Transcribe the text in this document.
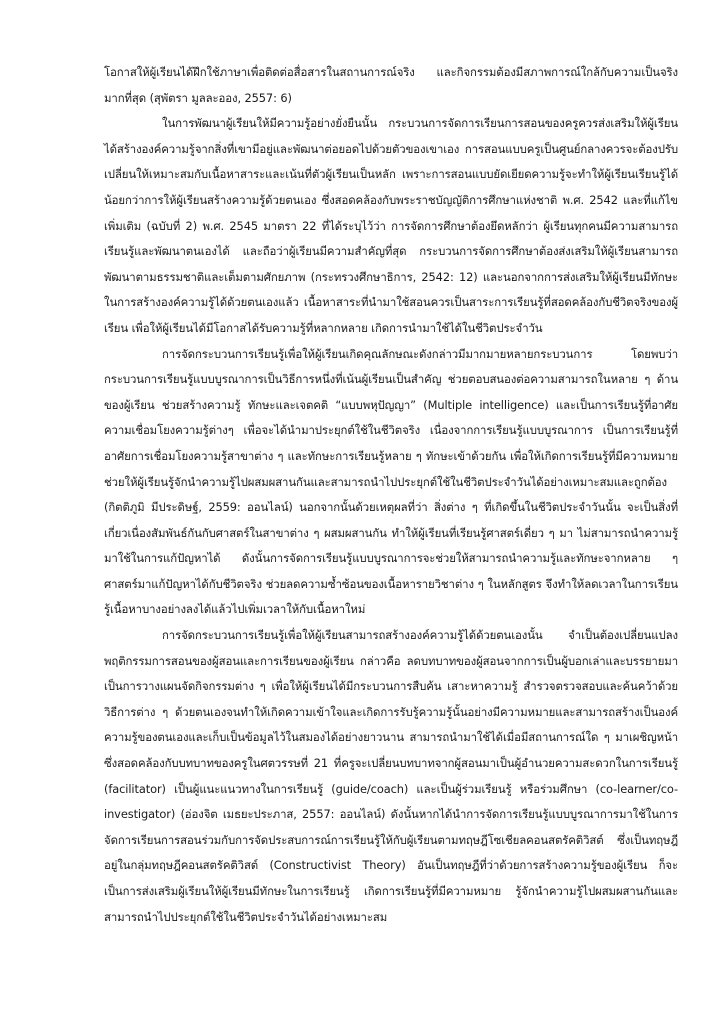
โอกาสให้ผู้เรียนได้ฝึกใช้ภาษาเพื่อติดต่อสื่อสารในสถานการณ์จริง และกิจกรรมต้องมีสภาพการณ์ใกล้กับความเป็นจริงมากที่สุด (สุพัตรา มูลละออง, 2557: 6)

ในการพัฒนาผู้เรียนให้มีความรู้อย่างยั่งยืนนั้น กระบวนการจัดการเรียนการสอนของครูควรส่งเสริมให้ผู้เรียนได้สร้างองค์ความรู้จากสิ่งที่เขามีอยู่และพัฒนาต่อยอดไปด้วยตัวของเขาเอง การสอนแบบครูเป็นศูนย์กลางควรจะต้องปรับเปลี่ยนให้เหมาะสมกับเนื้อหาสาระและเน้นที่ตัวผู้เรียนเป็นหลัก เพราะการสอนแบบยัดเยียดความรู้จะทำให้ผู้เรียนเรียนรู้ได้น้อยกว่าการให้ผู้เรียนสร้างความรู้ด้วยตนเอง ซึ่งสอดคล้องกับพระราชบัญญัติการศึกษาแห่งชาติ พ.ศ. 2542 และที่แก้ไขเพิ่มเติม (ฉบับที่ 2) พ.ศ. 2545 มาตรา 22 ที่ได้ระบุไว้ว่า การจัดการศึกษาต้องยึดหลักว่า ผู้เรียนทุกคนมีความสามารถเรียนรู้และพัฒนาตนเองได้ และถือว่าผู้เรียนมีความสำคัญที่สุด กระบวนการจัดการศึกษาต้องส่งเสริมให้ผู้เรียนสามารถพัฒนาตามธรรมชาติและเต็มตามศักยภาพ (กระทรวงศึกษาธิการ, 2542: 12) และนอกจากการส่งเสริมให้ผู้เรียนมีทักษะในการสร้างองค์ความรู้ได้ด้วยตนเองแล้ว เนื้อหาสาระที่นำมาใช้สอนควรเป็นสาระการเรียนรู้ที่สอดคล้องกับชีวิตจริงของผู้เรียน เพื่อให้ผู้เรียนได้มีโอกาสได้รับความรู้ที่หลากหลาย เกิดการนำมาใช้ได้ในชีวิตประจำวัน

การจัดกระบวนการเรียนรู้เพื่อให้ผู้เรียนเกิดคุณลักษณะดังกล่าวมีมากมายหลายกระบวนการ โดยพบว่ากระบวนการเรียนรู้แบบบูรณาการเป็นวิธีการหนึ่งที่เน้นผู้เรียนเป็นสำคัญ ช่วยตอบสนองต่อความสามารถในหลาย ๆ ด้านของผู้เรียน ช่วยสร้างความรู้ ทักษะและเจตคติ “แบบพหุปัญญา” (Multiple intelligence) และเป็นการเรียนรู้ที่อาศัยความเชื่อมโยงความรู้ต่างๆ เพื่อจะได้นำมาประยุกต์ใช้ในชีวิตจริง เนื่องจากการเรียนรู้แบบบูรณาการ เป็นการเรียนรู้ที่อาศัยการเชื่อมโยงความรู้สาขาต่าง ๆ และทักษะการเรียนรู้หลาย ๆ ทักษะเข้าด้วยกัน เพื่อให้เกิดการเรียนรู้ที่มีความหมาย ช่วยให้ผู้เรียนรู้จักนำความรู้ไปผสมผสานกันและสามารถนำไปประยุกต์ใช้ในชีวิตประจำวันได้อย่างเหมาะสมและถูกต้อง (กิตติภูมิ มีประดิษฐ์, 2559: ออนไลน์) นอกจากนั้นด้วยเหตุผลที่ว่า สิ่งต่าง ๆ ที่เกิดขึ้นในชีวิตประจำวันนั้น จะเป็นสิ่งที่เกี่ยวเนื่องสัมพันธ์กันกับศาสตร์ในสาขาต่าง ๆ ผสมผสานกัน ทำให้ผู้เรียนที่เรียนรู้ศาสตร์เดี่ยว ๆ มา ไม่สามารถนำความรู้มาใช้ในการแก้ปัญหาได้ ดังนั้นการจัดการเรียนรู้แบบบูรณาการจะช่วยให้สามารถนำความรู้และทักษะจากหลาย ๆ ศาสตร์มาแก้ปัญหาได้กับชีวิตจริง ช่วยลดความซ้ำซ้อนของเนื้อหารายวิชาต่าง ๆ ในหลักสูตร จึงทำให้ลดเวลาในการเรียนรู้เนื้อหาบางอย่างลงได้แล้วไปเพิ่มเวลาให้กับเนื้อหาใหม่

การจัดกระบวนการเรียนรู้เพื่อให้ผู้เรียนสามารถสร้างองค์ความรู้ได้ด้วยตนเองนั้น จำเป็นต้องเปลี่ยนแปลงพฤติกรรมการสอนของผู้สอนและการเรียนของผู้เรียน กล่าวคือ ลดบทบาทของผู้สอนจากการเป็นผู้บอกเล่าและบรรยายมาเป็นการวางแผนจัดกิจกรรมต่าง ๆ เพื่อให้ผู้เรียนได้มีกระบวนการสืบค้น เสาะหาความรู้ สำรวจตรวจสอบและค้นคว้าด้วยวิธีการต่าง ๆ ด้วยตนเองจนทำให้เกิดความเข้าใจและเกิดการรับรู้ความรู้นั้นอย่างมีความหมายและสามารถสร้างเป็นองค์ความรู้ของตนเองและเก็บเป็นข้อมูลไว้ในสมองได้อย่างยาวนาน สามารถนำมาใช้ได้เมื่อมีสถานการณ์ใด ๆ มาเผชิญหน้า ซึ่งสอดคล้องกับบทบาทของครูในศตวรรษที่ 21 ที่ครูจะเปลี่ยนบทบาทจากผู้สอนมาเป็นผู้อำนวยความสะดวกในการเรียนรู้ (facilitator) เป็นผู้แนะแนวทางในการเรียนรู้ (guide/coach) และเป็นผู้ร่วมเรียนรู้ หรือร่วมศึกษา (co-learner/co-investigator) (อ่องจิต เมธยะประภาส, 2557: ออนไลน์) ดังนั้นหากได้นำการจัดการเรียนรู้แบบบูรณาการมาใช้ในการจัดการเรียนการสอนร่วมกับการจัดประสบการณ์การเรียนรู้ให้กับผู้เรียนตามทฤษฎีโซเชียลคอนสตรัคติวิสต์ ซึ่งเป็นทฤษฎีอยู่ในกลุ่มทฤษฎีคอนสตรัคติวิสต์ (Constructivist Theory) อันเป็นทฤษฎีที่ว่าด้วยการสร้างความรู้ของผู้เรียน ก็จะเป็นการส่งเสริมผู้เรียนให้ผู้เรียนมีทักษะในการเรียนรู้ เกิดการเรียนรู้ที่มีความหมาย รู้จักนำความรู้ไปผสมผสานกันและสามารถนำไปประยุกต์ใช้ในชีวิตประจำวันได้อย่างเหมาะสม
